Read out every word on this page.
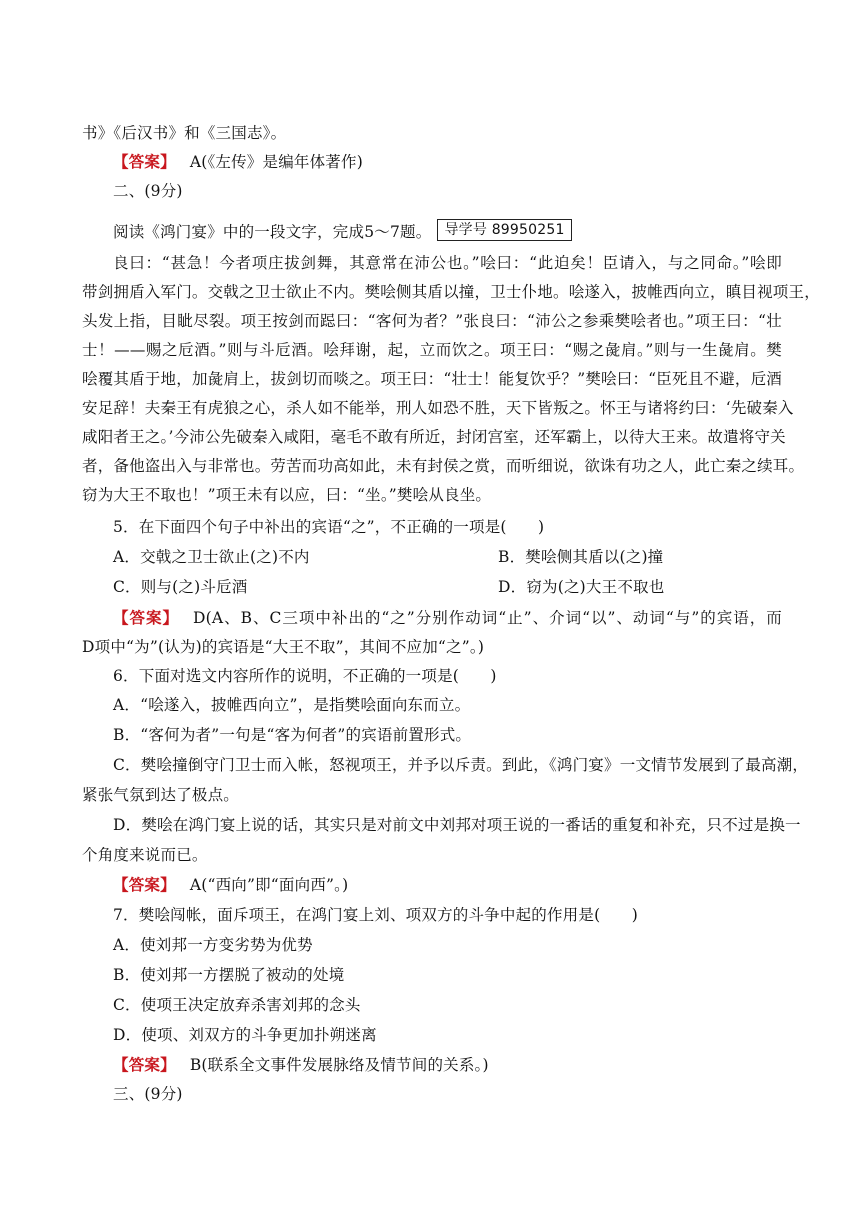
书》《后汉书》和《三国志》。
【答案】 A(《左传》是编年体著作)
二、(9分)
阅读《鸿门宴》中的一段文字，完成5～7题。 导学号 89950251
良曰：“甚急！今者项庄拔剑舞，其意常在沛公也。”哙曰：“此迫矣！臣请入，与之同命。”哙即
带剑拥盾入军门。交戟之卫士欲止不内。樊哙侧其盾以撞，卫士仆地。哙遂入，披帷西向立，瞋目视项王，
头发上指，目眦尽裂。项王按剑而跽曰：“客何为者？”张良曰：“沛公之参乘樊哙者也。”项王曰：“壮
士！——赐之卮酒。”则与斗卮酒。哙拜谢，起，立而饮之。项王曰：“赐之彘肩。”则与一生彘肩。樊
哙覆其盾于地，加彘肩上，拔剑切而啖之。项王曰：“壮士！能复饮乎？”樊哙曰：“臣死且不避，卮酒
安足辞！夫秦王有虎狼之心，杀人如不能举，刑人如恐不胜，天下皆叛之。怀王与诸将约曰：‘先破秦入
咸阳者王之。’今沛公先破秦入咸阳，毫毛不敢有所近，封闭宫室，还军霸上，以待大王来。故遣将守关
者，备他盗出入与非常也。劳苦而功高如此，未有封侯之赏，而听细说，欲诛有功之人，此亡秦之续耳。
窃为大王不取也！”项王未有以应，曰：“坐。”樊哙从良坐。
5．在下面四个句子中补出的宾语“之”，不正确的一项是(　　)
A．交戟之卫士欲止(之)不内	B．樊哙侧其盾以(之)撞
C．则与(之)斗卮酒	D．窃为(之)大王不取也
【答案】 D(A、B、C三项中补出的“之”分别作动词“止”、介词“以”、动词“与”的宾语，而
D项中“为”(认为)的宾语是“大王不取”，其间不应加“之”。)
6．下面对选文内容所作的说明，不正确的一项是(　　)
A．“哙遂入，披帷西向立”，是指樊哙面向东而立。
B．“客何为者”一句是“客为何者”的宾语前置形式。
C．樊哙撞倒守门卫士而入帐，怒视项王，并予以斥责。到此，《鸿门宴》一文情节发展到了最高潮，
紧张气氛到达了极点。
D．樊哙在鸿门宴上说的话，其实只是对前文中刘邦对项王说的一番话的重复和补充，只不过是换一
个角度来说而已。
【答案】 A(“西向”即“面向西”。)
7．樊哙闯帐，面斥项王，在鸿门宴上刘、项双方的斗争中起的作用是(　　)
A．使刘邦一方变劣势为优势
B．使刘邦一方摆脱了被动的处境
C．使项王决定放弃杀害刘邦的念头
D．使项、刘双方的斗争更加扑朔迷离
【答案】 B(联系全文事件发展脉络及情节间的关系。)
三、(9分)
